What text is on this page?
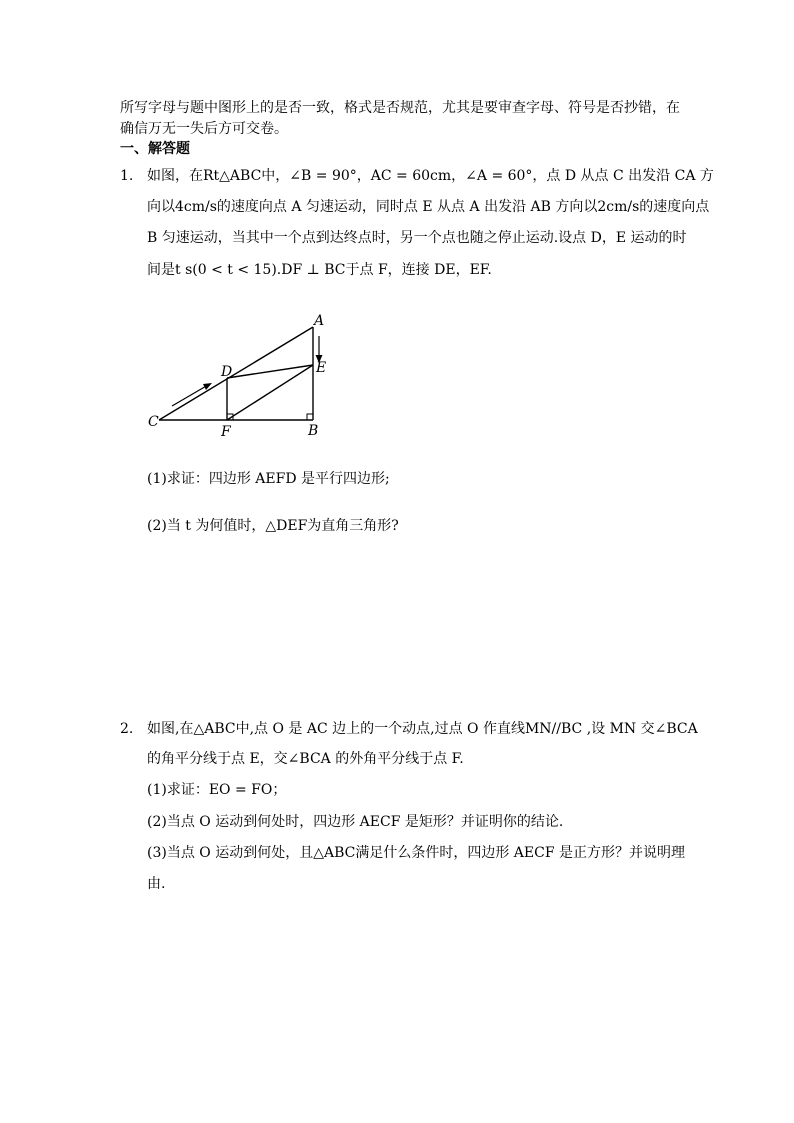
所写字母与题中图形上的是否一致，格式是否规范，尤其是要审查字母、符号是否抄错，在
确信万无一失后方可交卷。
一、解答题
1. 如图，在Rt△ABC中，∠B = 90°，AC = 60cm，∠A = 60°，点 D 从点 C 出发沿 CA 方
向以4cm/s的速度向点 A 匀速运动，同时点 E 从点 A 出发沿 AB 方向以2cm/s的速度向点
B 匀速运动，当其中一个点到达终点时，另一个点也随之停止运动.设点 D，E 运动的时
间是t s(0 < t < 15).DF ⊥ BC于点 F，连接 DE，EF.
A
B
C
D	E
F
(1)求证：四边形 AEFD 是平行四边形;
(2)当 t 为何值时，△DEF为直角三角形?
2. 如图,在△ABC中,点 O 是 AC 边上的一个动点,过点 O 作直线MN//BC ,设 MN 交∠BCA
的角平分线于点 E，交∠BCA 的外角平分线于点 F.
(1)求证：EO = FO；
(2)当点 O 运动到何处时，四边形 AECF 是矩形？并证明你的结论.
(3)当点 O 运动到何处，且△ABC满足什么条件时，四边形 AECF 是正方形？并说明理
由.
